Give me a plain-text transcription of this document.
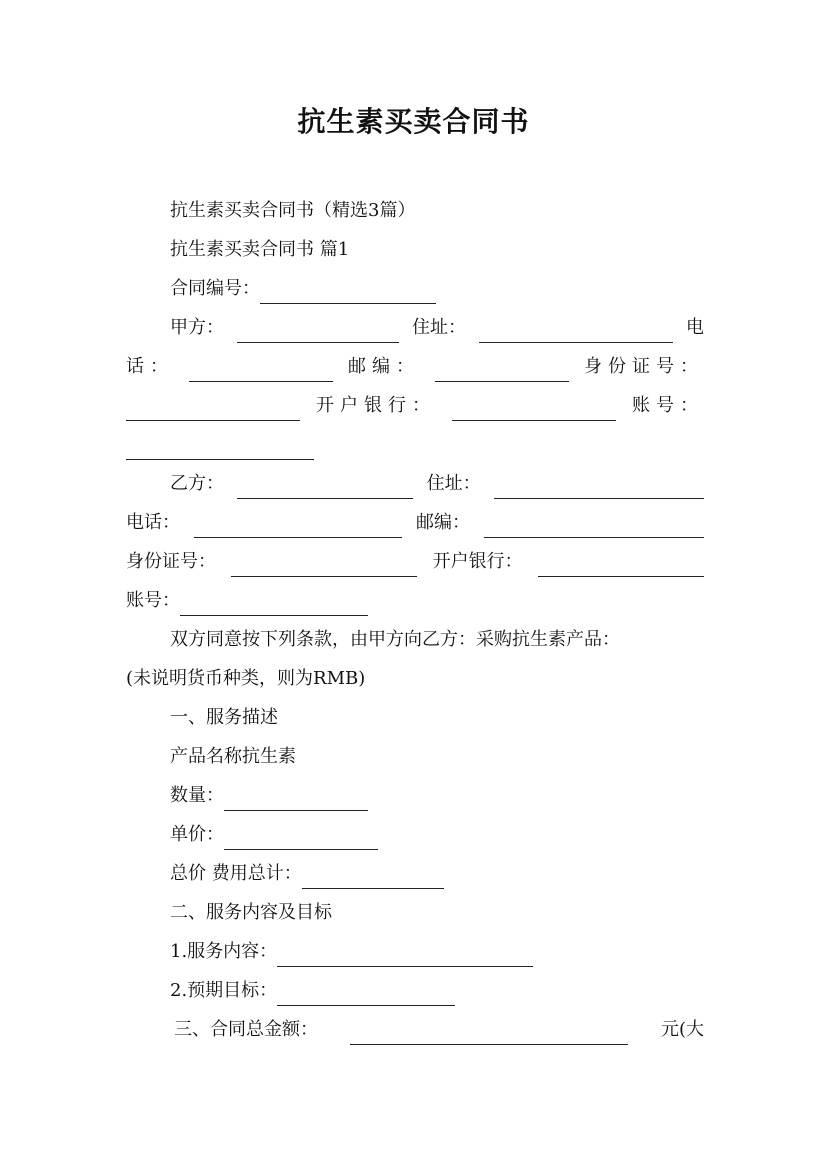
抗生素买卖合同书
抗生素买卖合同书（精选3篇）
抗生素买卖合同书 篇1
合同编号：
甲方：	住址：	电
话：	邮编：	身份证号：
开户银行：	账号：
乙方：	住址：
电话：	邮编：
身份证号：	开户银行：
账号：
双方同意按下列条款，由甲方向乙方：采购抗生素产品：
(未说明货币种类，则为RMB)
一、服务描述
产品名称抗生素
数量：
单价：
总价 费用总计：
二、服务内容及目标
1.服务内容：
2.预期目标：
三、合同总金额：	元(大
